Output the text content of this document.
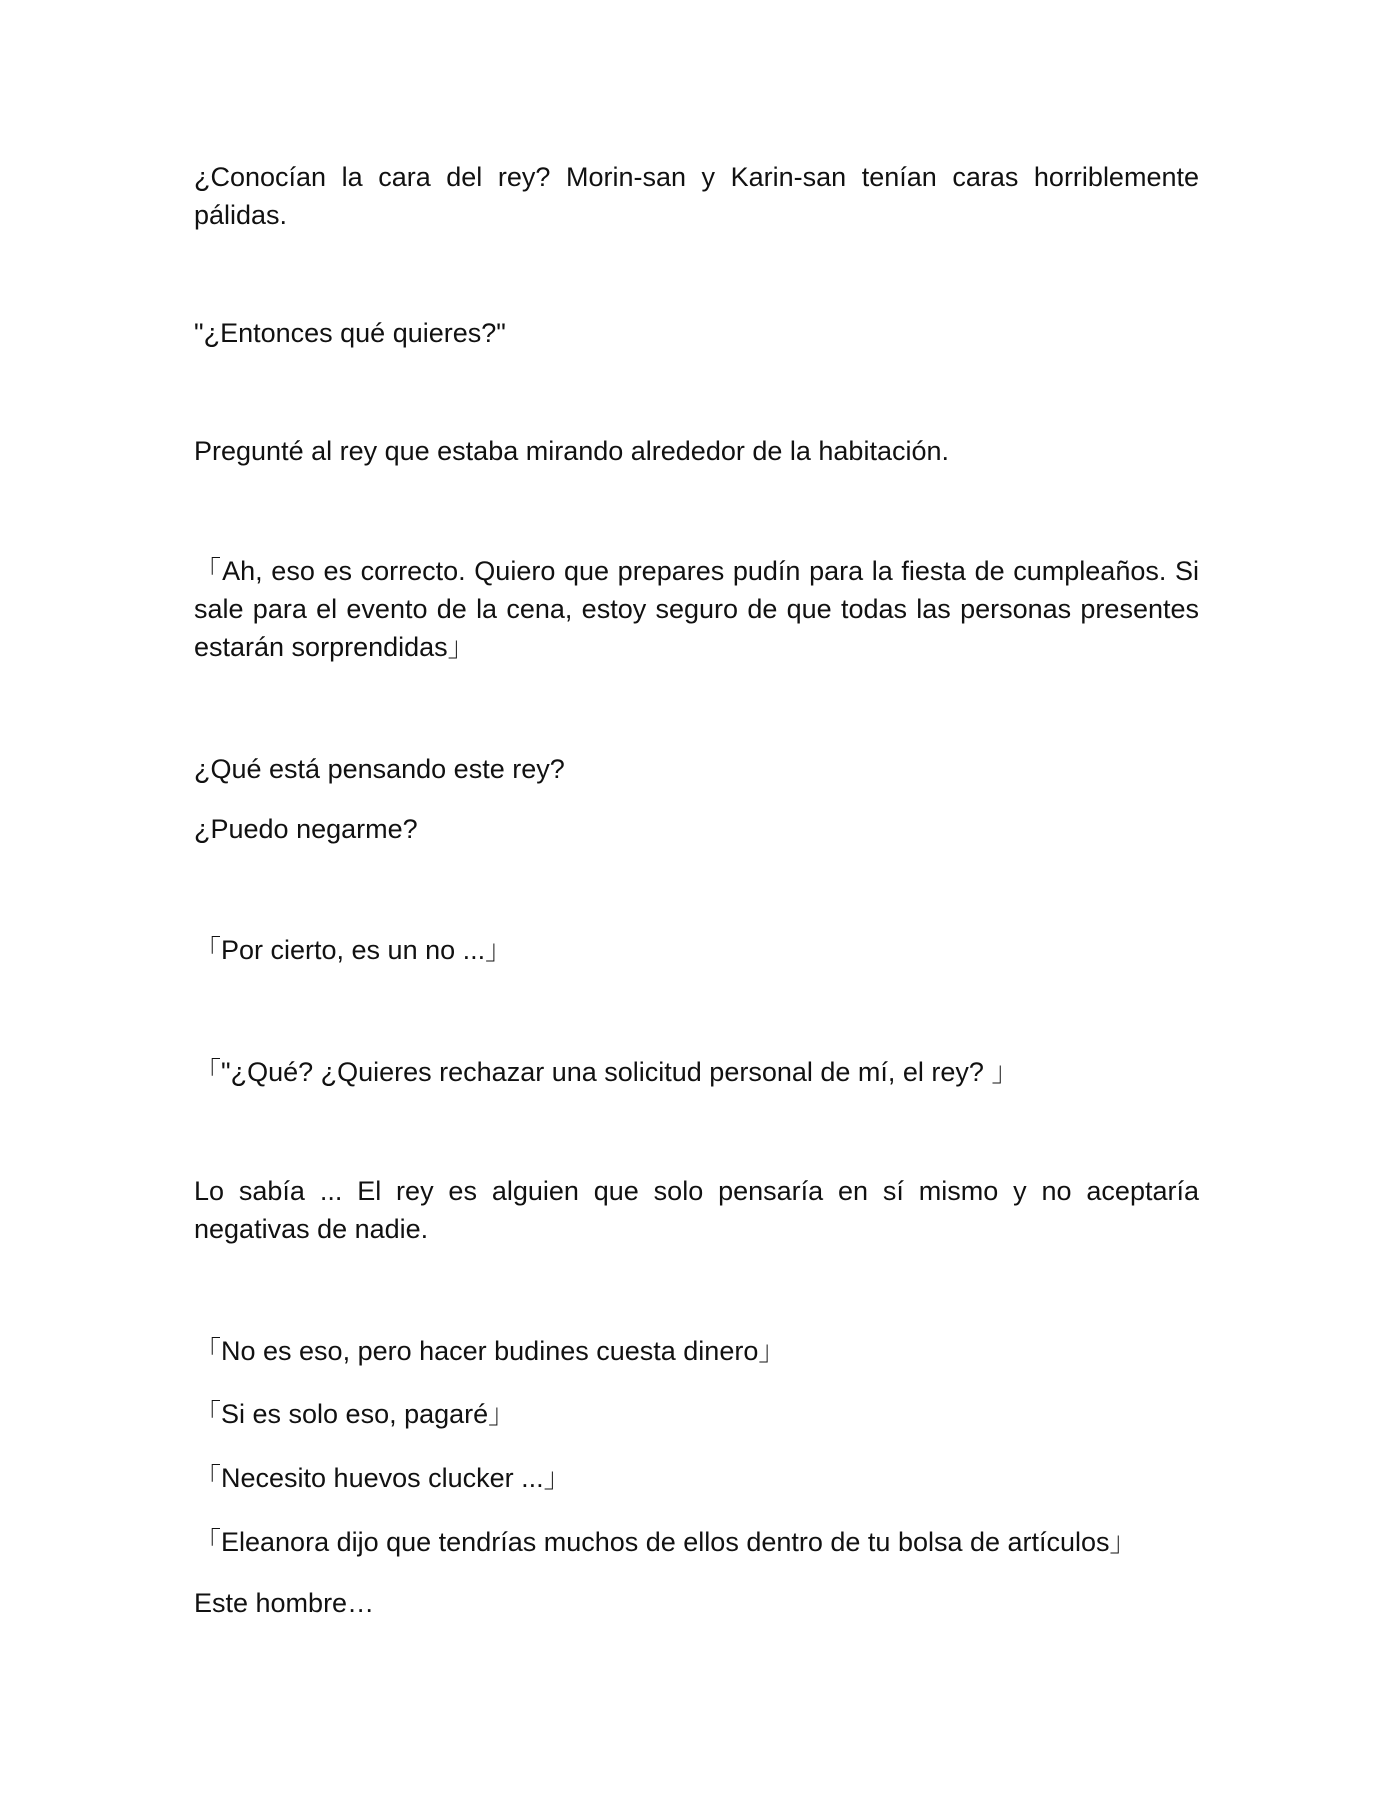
¿Conocían la cara del rey? Morin-san y Karin-san tenían caras horriblemente pálidas.

"¿Entonces qué quieres?"

Pregunté al rey que estaba mirando alrededor de la habitación.

「Ah, eso es correcto. Quiero que prepares pudín para la fiesta de cumpleaños. Si sale para el evento de la cena, estoy seguro de que todas las personas presentes estarán sorprendidas」

¿Qué está pensando este rey?

¿Puedo negarme?

「Por cierto, es un no ...」

「"¿Qué? ¿Quieres rechazar una solicitud personal de mí, el rey? 」

Lo sabía ... El rey es alguien que solo pensaría en sí mismo y no aceptaría negativas de nadie.

「No es eso, pero hacer budines cuesta dinero」

「Si es solo eso, pagaré」

「Necesito huevos clucker ...」

「Eleanora dijo que tendrías muchos de ellos dentro de tu bolsa de artículos」

Este hombre…
